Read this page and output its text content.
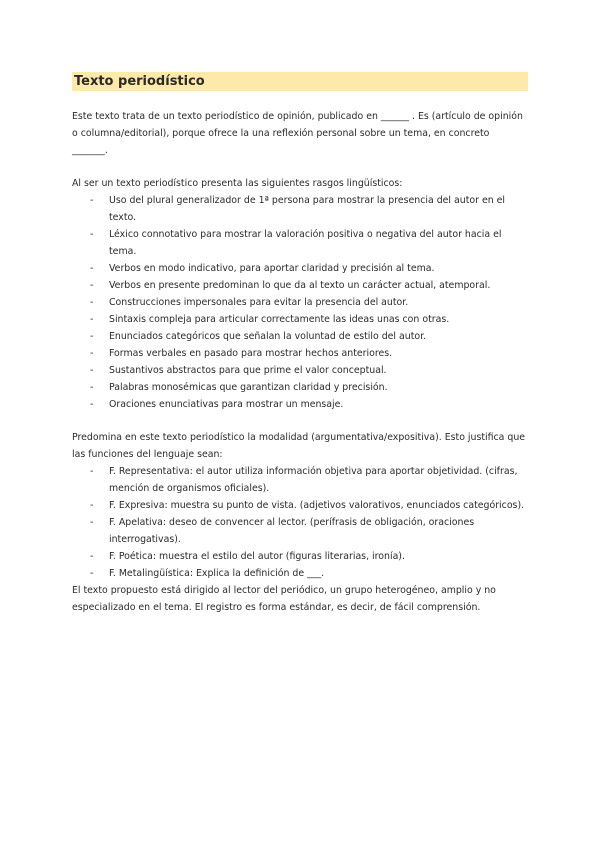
Texto periodístico

Este texto trata de un texto periodístico de opinión, publicado en ______ . Es (artículo de opinión o columna/editorial), porque ofrece la una reflexión personal sobre un tema, en concreto _______.

Al ser un texto periodístico presenta las siguientes rasgos lingüísticos:

- Uso del plural generalizador de 1ª persona para mostrar la presencia del autor en el texto.
- Léxico connotativo para mostrar la valoración positiva o negativa del autor hacia el tema.
- Verbos en modo indicativo, para aportar claridad y precisión al tema.
- Verbos en presente predominan lo que da al texto un carácter actual, atemporal.
- Construcciones impersonales para evitar la presencia del autor.
- Sintaxis compleja para articular correctamente las ideas unas con otras.
- Enunciados categóricos que señalan la voluntad de estilo del autor.
- Formas verbales en pasado para mostrar hechos anteriores.
- Sustantivos abstractos para que prime el valor conceptual.
- Palabras monosémicas que garantizan claridad y precisión.
- Oraciones enunciativas para mostrar un mensaje.

Predomina en este texto periodístico la modalidad (argumentativa/expositiva). Esto justifica que las funciones del lenguaje sean:

- F. Representativa: el autor utiliza información objetiva para aportar objetividad. (cifras, mención de organismos oficiales).
- F. Expresiva: muestra su punto de vista. (adjetivos valorativos, enunciados categóricos).
- F. Apelativa: deseo de convencer al lector. (perífrasis de obligación, oraciones interrogativas).
- F. Poética: muestra el estilo del autor (figuras literarias, ironía).
- F. Metalingüística: Explica la definición de ___.

El texto propuesto está dirigido al lector del periódico, un grupo heterogéneo, amplio y no especializado en el tema. El registro es forma estándar, es decir, de fácil comprensión.
